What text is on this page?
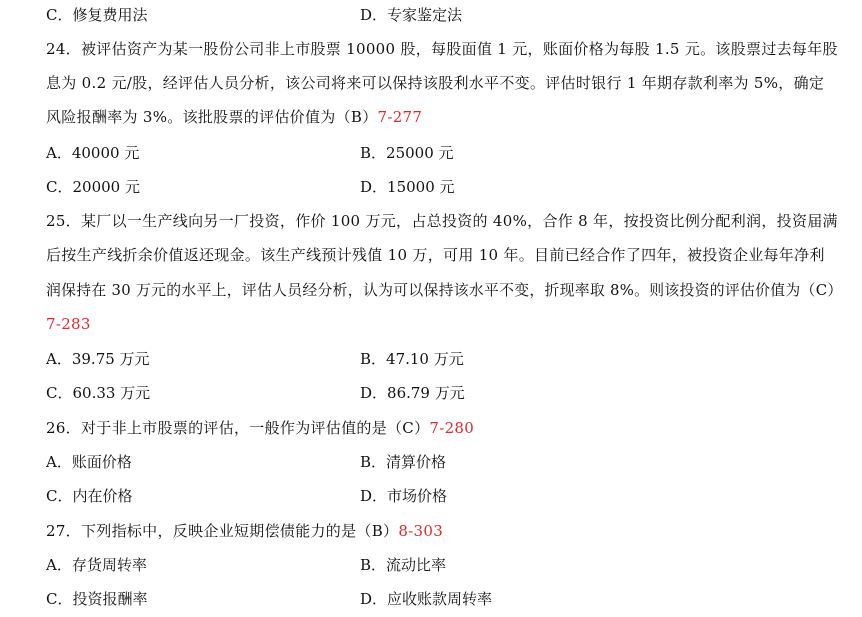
C．修复费用法	D．专家鉴定法
24．被评估资产为某一股份公司非上市股票 10000 股，每股面值 1 元，账面价格为每股 1.5 元。该股票过去每年股
息为 0.2 元/股，经评估人员分析，该公司将来可以保持该股利水平不变。评估时银行 1 年期存款利率为 5%，确定
风险报酬率为 3%。该批股票的评估价值为（B）7-277
A．40000 元	B．25000 元
C．20000 元	D．15000 元
25．某厂以一生产线向另一厂投资，作价 100 万元，占总投资的 40%，合作 8 年，按投资比例分配利润，投资届满
后按生产线折余价值返还现金。该生产线预计残值 10 万，可用 10 年。目前已经合作了四年，被投资企业每年净利
润保持在 30 万元的水平上，评估人员经分析，认为可以保持该水平不变，折现率取 8%。则该投资的评估价值为（C）
7-283
A．39.75 万元	B．47.10 万元
C．60.33 万元	D．86.79 万元
26．对于非上市股票的评估，一般作为评估值的是（C）7-280
A．账面价格	B．清算价格
C．内在价格	D．市场价格
27．下列指标中，反映企业短期偿债能力的是（B）8-303
A．存货周转率	B．流动比率
C．投资报酬率	D．应收账款周转率
